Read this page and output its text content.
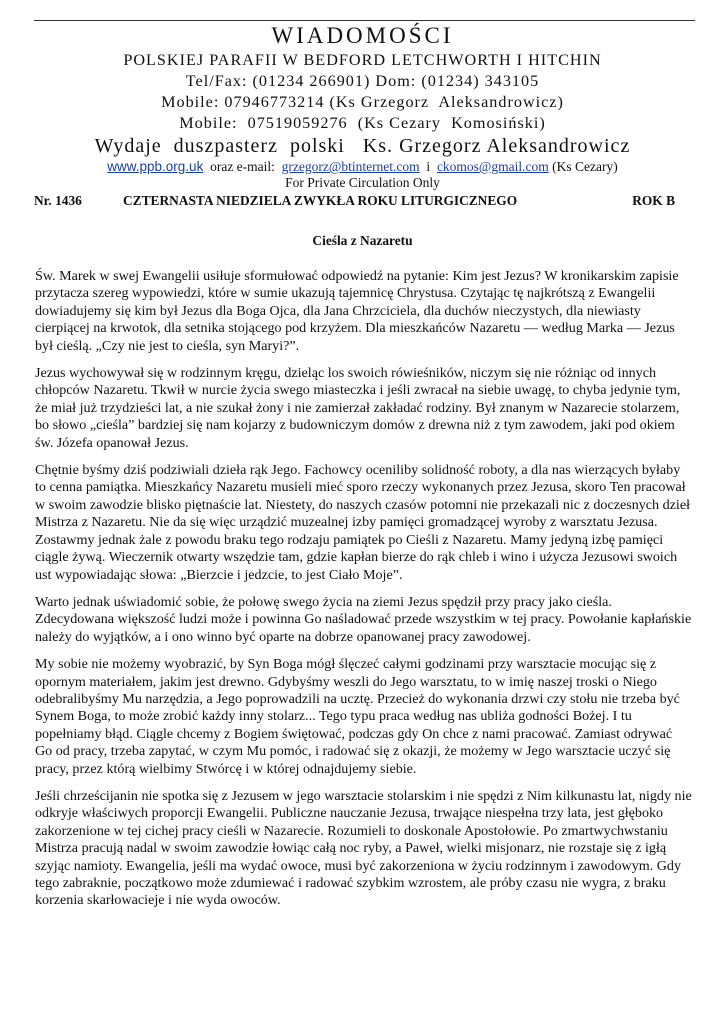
WIADOMOŚCI

POLSKIEJ PARAFII W BEDFORD LETCHWORTH I HITCHIN

Tel/Fax: (01234 266901) Dom: (01234) 343105

Mobile: 07946773214 (Ks Grzegorz  Aleksandrowicz)

Mobile:  07519059276  (Ks Cezary  Komosiński)

Wydaje  duszpasterz  polski   Ks. Grzegorz Aleksandrowicz

www.ppb.org.uk oraz e-mail: grzegorz@btinternet.com i ckomos@gmail.com (Ks Cezary)

For Private Circulation Only

Nr. 1436	CZTERNASTA NIEDZIELA ZWYKŁA ROKU LITURGICZNEGO	ROK B
Cieśla z Nazaretu

Św. Marek w swej Ewangelii usiłuje sformułować odpowiedź na pytanie: Kim jest Jezus? W kronikarskim zapisie przytacza szereg wypowiedzi, które w sumie ukazują tajemnicę Chrystusa. Czytając tę najkrótszą z Ewangelii dowiadujemy się kim był Jezus dla Boga Ojca, dla Jana Chrzciciela, dla duchów nieczystych, dla niewiasty cierpiącej na krwotok, dla setnika stojącego pod krzyżem. Dla mieszkańców Nazaretu — według Marka — Jezus był cieślą. „Czy nie jest to cieśla, syn Maryi?”.

Jezus wychowywał się w rodzinnym kręgu, dzieląc los swoich rówieśników, niczym się nie różniąc od innych chłopców Nazaretu. Tkwił w nurcie życia swego miasteczka i jeśli zwracał na siebie uwagę, to chyba jedynie tym, że miał już trzydzieści lat, a nie szukał żony i nie zamierzał zakładać rodziny. Był znanym w Nazarecie stolarzem, bo słowo „cieśla” bardziej się nam kojarzy z budowniczym domów z drewna niż z tym zawodem, jaki pod okiem św. Józefa opanował Jezus.

Chętnie byśmy dziś podziwiali dzieła rąk Jego. Fachowcy oceniliby solidność roboty, a dla nas wierzących byłaby to cenna pamiątka. Mieszkańcy Nazaretu musieli mieć sporo rzeczy wykonanych przez Jezusa, skoro Ten pracował w swoim zawodzie blisko piętnaście lat. Niestety, do naszych czasów potomni nie przekazali nic z doczesnych dzieł Mistrza z Nazaretu. Nie da się więc urządzić muzealnej izby pamięci gromadzącej wyroby z warsztatu Jezusa. Zostawmy jednak żale z powodu braku tego rodzaju pamiątek po Cieśli z Nazaretu. Mamy jedyną izbę pamięci ciągle żywą. Wieczernik otwarty wszędzie tam, gdzie kapłan bierze do rąk chleb i wino i użycza Jezusowi swoich ust wypowiadając słowa: „Bierzcie i jedzcie, to jest Ciało Moje”.

Warto jednak uświadomić sobie, że połowę swego życia na ziemi Jezus spędził przy pracy jako cieśla. Zdecydowana większość ludzi może i powinna Go naśladować przede wszystkim w tej pracy. Powołanie kapłańskie należy do wyjątków, a i ono winno być oparte na dobrze opanowanej pracy zawodowej.

My sobie nie możemy wyobrazić, by Syn Boga mógł ślęczeć całymi godzinami przy warsztacie mocując się z opornym materiałem, jakim jest drewno. Gdybyśmy weszli do Jego warsztatu, to w imię naszej troski o Niego odebralibyśmy Mu narzędzia, a Jego poprowadzili na ucztę. Przecież do wykonania drzwi czy stołu nie trzeba być Synem Boga, to może zrobić każdy inny stolarz... Tego typu praca według nas ubliża godności Bożej. I tu popełniamy błąd. Ciągle chcemy z Bogiem świętować, podczas gdy On chce z nami pracować. Zamiast odrywać Go od pracy, trzeba zapytać, w czym Mu pomóc, i radować się z okazji, że możemy w Jego warsztacie uczyć się pracy, przez którą wielbimy Stwórcę i w której odnajdujemy siebie.

Jeśli chrześcijanin nie spotka się z Jezusem w jego warsztacie stolarskim i nie spędzi z Nim kilkunastu lat, nigdy nie odkryje właściwych proporcji Ewangelii. Publiczne nauczanie Jezusa, trwające niespełna trzy lata, jest głęboko zakorzenione w tej cichej pracy cieśli w Nazarecie. Rozumieli to doskonale Apostołowie. Po zmartwychwstaniu Mistrza pracują nadal w swoim zawodzie łowiąc całą noc ryby, a Paweł, wielki misjonarz, nie rozstaje się z igłą szyjąc namioty. Ewangelia, jeśli ma wydać owoce, musi być zakorzeniona w życiu rodzinnym i zawodowym. Gdy tego zabraknie, początkowo może zdumiewać i radować szybkim wzrostem, ale próby czasu nie wygra, z braku korzenia skarłowacieje i nie wyda owoców.
